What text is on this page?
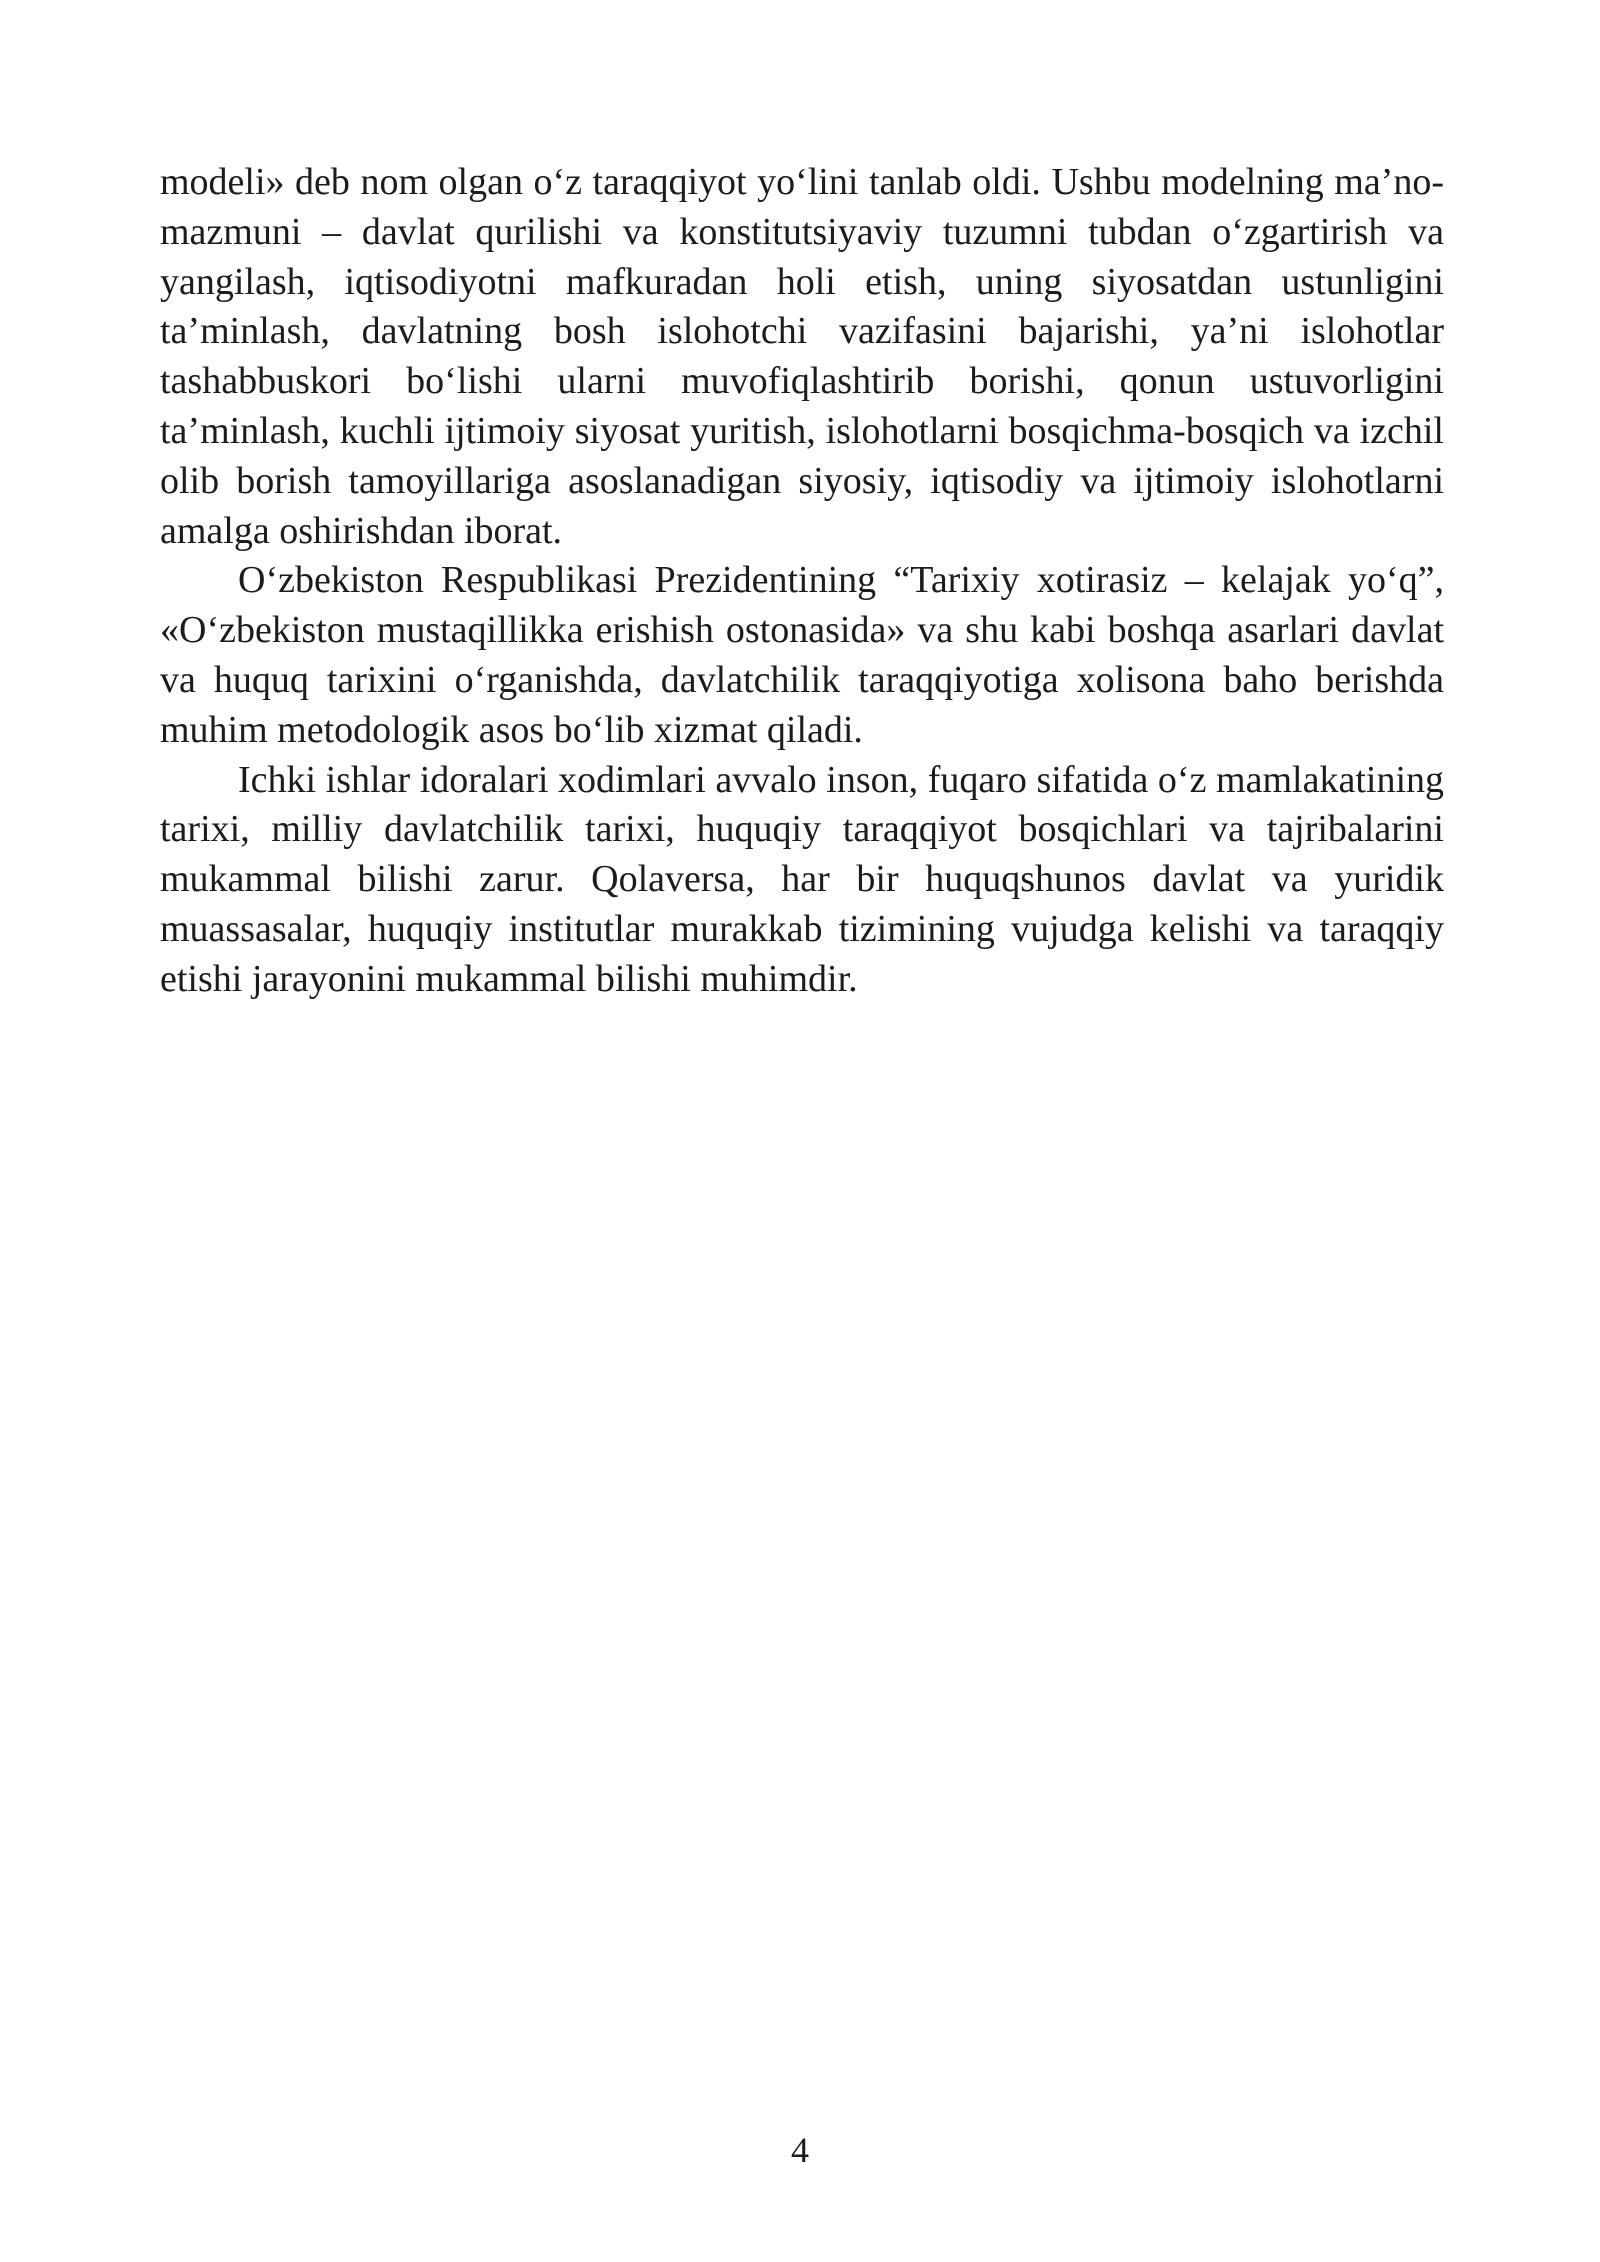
modeli» deb nom olgan o‘z taraqqiyot yo‘lini tanlab oldi. Ushbu modelning ma’no-mazmuni – davlat qurilishi va konstitutsiyaviy tuzumni tubdan o‘zgartirish va yangilash, iqtisodiyotni mafkuradan holi etish, uning siyosatdan ustunligini ta’minlash, davlatning bosh islohotchi vazifasini bajarishi, ya’ni islohotlar tashabbuskori bo‘lishi ularni muvofiqlashtirib borishi, qonun ustuvorligini ta’minlash, kuchli ijtimoiy siyosat yuritish, islohotlarni bosqichma-bosqich va izchil olib borish tamoyillariga asoslanadigan siyosiy, iqtisodiy va ijtimoiy islohotlarni amalga oshirishdan iborat.

O‘zbekiston Respublikasi Prezidentining “Tarixiy xotirasiz – kelajak yo‘q”, «O‘zbekiston mustaqillikka erishish ostonasida» va shu kabi boshqa asarlari davlat va huquq tarixini o‘rganishda, davlatchilik taraqqiyotiga xolisona baho berishda muhim metodologik asos bo‘lib xizmat qiladi.

Ichki ishlar idoralari xodimlari avvalo inson, fuqaro sifatida o‘z mamlakatining tarixi, milliy davlatchilik tarixi, huquqiy taraqqiyot bosqichlari va tajribalarini mukammal bilishi zarur. Qolaversa, har bir huquqshunos davlat va yuridik muassasalar, huquqiy institutlar murakkab tizimining vujudga kelishi va taraqqiy etishi jarayonini mukammal bilishi muhimdir.

4
